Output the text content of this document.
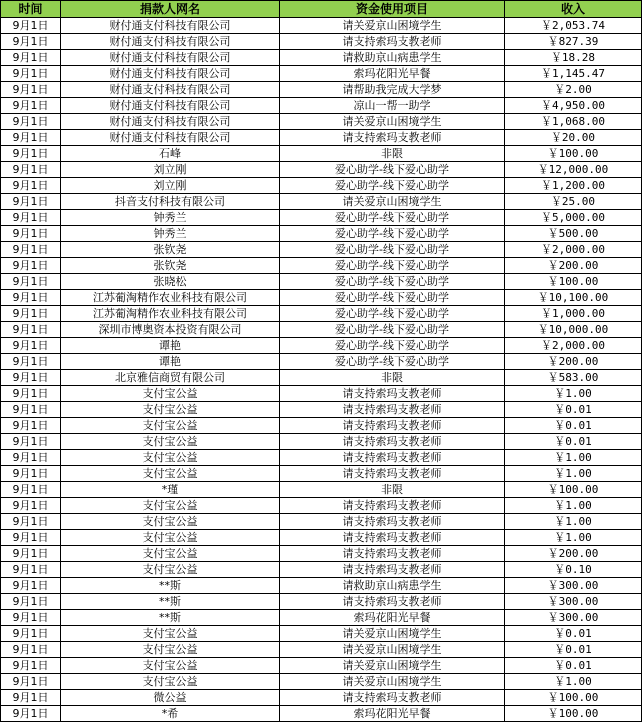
时间	捐款人网名	资金使用项目	收入
9月1日	财付通支付科技有限公司	请关爱京山困境学生	￥2,053.74
9月1日	财付通支付科技有限公司	请支持索玛支教老师	￥827.39
9月1日	财付通支付科技有限公司	请救助京山病患学生	￥18.28
9月1日	财付通支付科技有限公司	索玛花阳光早餐	￥1,145.47
9月1日	财付通支付科技有限公司	请帮助我完成大学梦	￥2.00
9月1日	财付通支付科技有限公司	凉山一帮一助学	￥4,950.00
9月1日	财付通支付科技有限公司	请关爱京山困境学生	￥1,068.00
9月1日	财付通支付科技有限公司	请支持索玛支教老师	￥20.00
9月1日	石峰	非限	￥100.00
9月1日	刘立刚	爱心助学-线下爱心助学	￥12,000.00
9月1日	刘立刚	爱心助学-线下爱心助学	￥1,200.00
9月1日	抖音支付科技有限公司	请关爱京山困境学生	￥25.00
9月1日	钟秀兰	爱心助学-线下爱心助学	￥5,000.00
9月1日	钟秀兰	爱心助学-线下爱心助学	￥500.00
9月1日	张钦尧	爱心助学-线下爱心助学	￥2,000.00
9月1日	张钦尧	爱心助学-线下爱心助学	￥200.00
9月1日	张晓松	爱心助学-线下爱心助学	￥100.00
9月1日	江苏葡淘精作农业科技有限公司	爱心助学-线下爱心助学	￥10,100.00
9月1日	江苏葡淘精作农业科技有限公司	爱心助学-线下爱心助学	￥1,000.00
9月1日	深圳市博奥资本投资有限公司	爱心助学-线下爱心助学	￥10,000.00
9月1日	谭艳	爱心助学-线下爱心助学	￥2,000.00
9月1日	谭艳	爱心助学-线下爱心助学	￥200.00
9月1日	北京雅信商贸有限公司	非限	￥583.00
9月1日	支付宝公益	请支持索玛支教老师	￥1.00
9月1日	支付宝公益	请支持索玛支教老师	￥0.01
9月1日	支付宝公益	请支持索玛支教老师	￥0.01
9月1日	支付宝公益	请支持索玛支教老师	￥0.01
9月1日	支付宝公益	请支持索玛支教老师	￥1.00
9月1日	支付宝公益	请支持索玛支教老师	￥1.00
9月1日	*瑾	非限	￥100.00
9月1日	支付宝公益	请支持索玛支教老师	￥1.00
9月1日	支付宝公益	请支持索玛支教老师	￥1.00
9月1日	支付宝公益	请支持索玛支教老师	￥1.00
9月1日	支付宝公益	请支持索玛支教老师	￥200.00
9月1日	支付宝公益	请支持索玛支教老师	￥0.10
9月1日	**斯	请救助京山病患学生	￥300.00
9月1日	**斯	请支持索玛支教老师	￥300.00
9月1日	**斯	索玛花阳光早餐	￥300.00
9月1日	支付宝公益	请关爱京山困境学生	￥0.01
9月1日	支付宝公益	请关爱京山困境学生	￥0.01
9月1日	支付宝公益	请关爱京山困境学生	￥0.01
9月1日	支付宝公益	请关爱京山困境学生	￥1.00
9月1日	微公益	请支持索玛支教老师	￥100.00
9月1日	*希	索玛花阳光早餐	￥100.00
